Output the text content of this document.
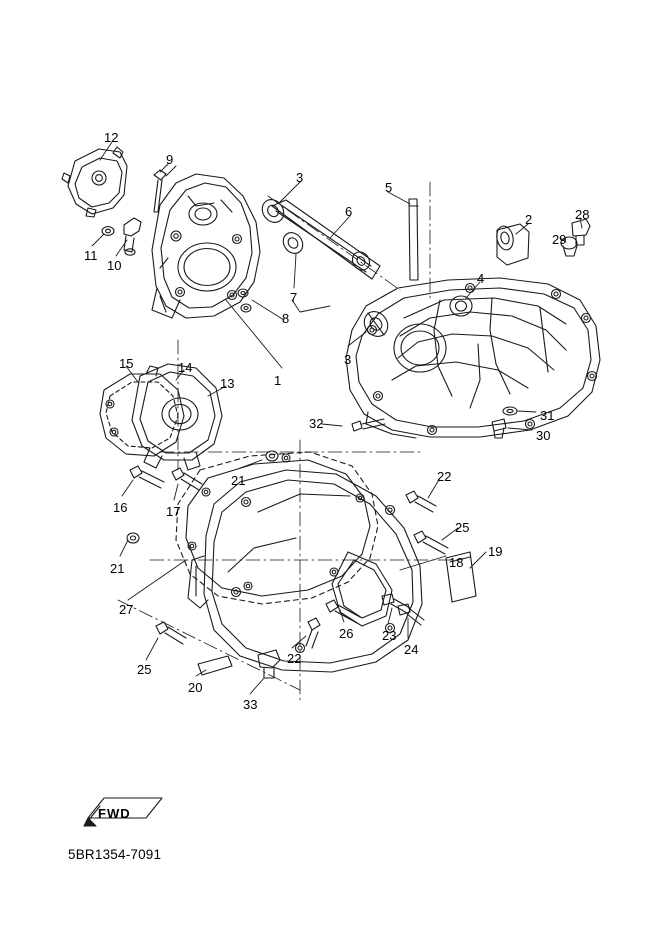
12
9
3
5
6
2	28
29
11
10
7
4
8
3
1
15	14
13
32
31
30
16	17
21	22
25
18
19
21
27
26 23
24
22
25
20
33
FWD
5BR1354-7091
